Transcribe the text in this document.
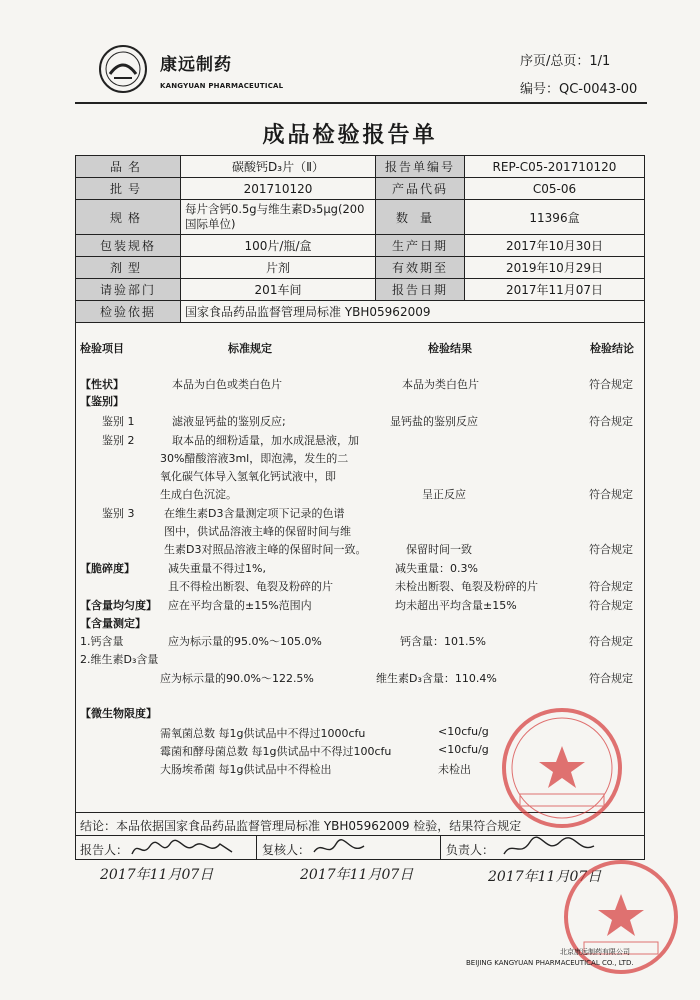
康远制药
KANGYUAN PHARMACEUTICAL
序页/总页：1/1
编号：QC-0043-00
成品检验报告单
品名	碳酸钙D₃片（Ⅱ）	报告单编号	REP-C05-201710120
批号	201710120	产品代码	C05-06
规格	每片含钙0.5g与维生素D₃5μg(200国际单位)	数量	11396盒
包装规格	100片/瓶/盒	生产日期	2017年10月30日
剂型	片剂	有效期至	2019年10月29日
请验部门	201车间	报告日期	2017年11月07日
检验依据	国家食品药品监督管理局标准 YBH05962009		
检验项目	标准规定	检验结果	检验结论
【性状】	本品为白色或类白色片	本品为类白色片	符合规定
【鉴别】
鉴别 1	滤液显钙盐的鉴别反应;	显钙盐的鉴别反应	符合规定
鉴别 2	取本品的细粉适量，加水成混悬液，加
30%醋酸溶液3ml，即泡沸，发生的二
氧化碳气体导入氢氧化钙试液中，即
生成白色沉淀。	呈正反应	符合规定
鉴别 3	在维生素D3含量测定项下记录的色谱
图中，供试品溶液主峰的保留时间与维
生素D3对照品溶液主峰的保留时间一致。	保留时间一致	符合规定
【脆碎度】	减失重量不得过1%,	减失重量：0.3%
且不得检出断裂、龟裂及粉碎的片	未检出断裂、龟裂及粉碎的片	符合规定
【含量均匀度】 应在平均含量的±15%范围内	均未超出平均含量±15%	符合规定
【含量测定】
1.钙含量	应为标示量的95.0%～105.0%	钙含量：101.5%	符合规定
2.维生素D₃含量
应为标示量的90.0%～122.5%	维生素D₃含量：110.4%	符合规定
【微生物限度】
需氧菌总数 每1g供试品中不得过1000cfu	<10cfu/g
霉菌和酵母菌总数 每1g供试品中不得过100cfu	<10cfu/g
大肠埃希菌 每1g供试品中不得检出	未检出
结论：本品依据国家食品药品监督管理局标准 YBH05962009 检验，结果符合规定
报告人：	复核人：	负责人：
2017年11月07日	2017年11月07日	2017年11月07日
北京康远制药有限公司
BEIJING KANGYUAN PHARMACEUTICAL CO., LTD.
